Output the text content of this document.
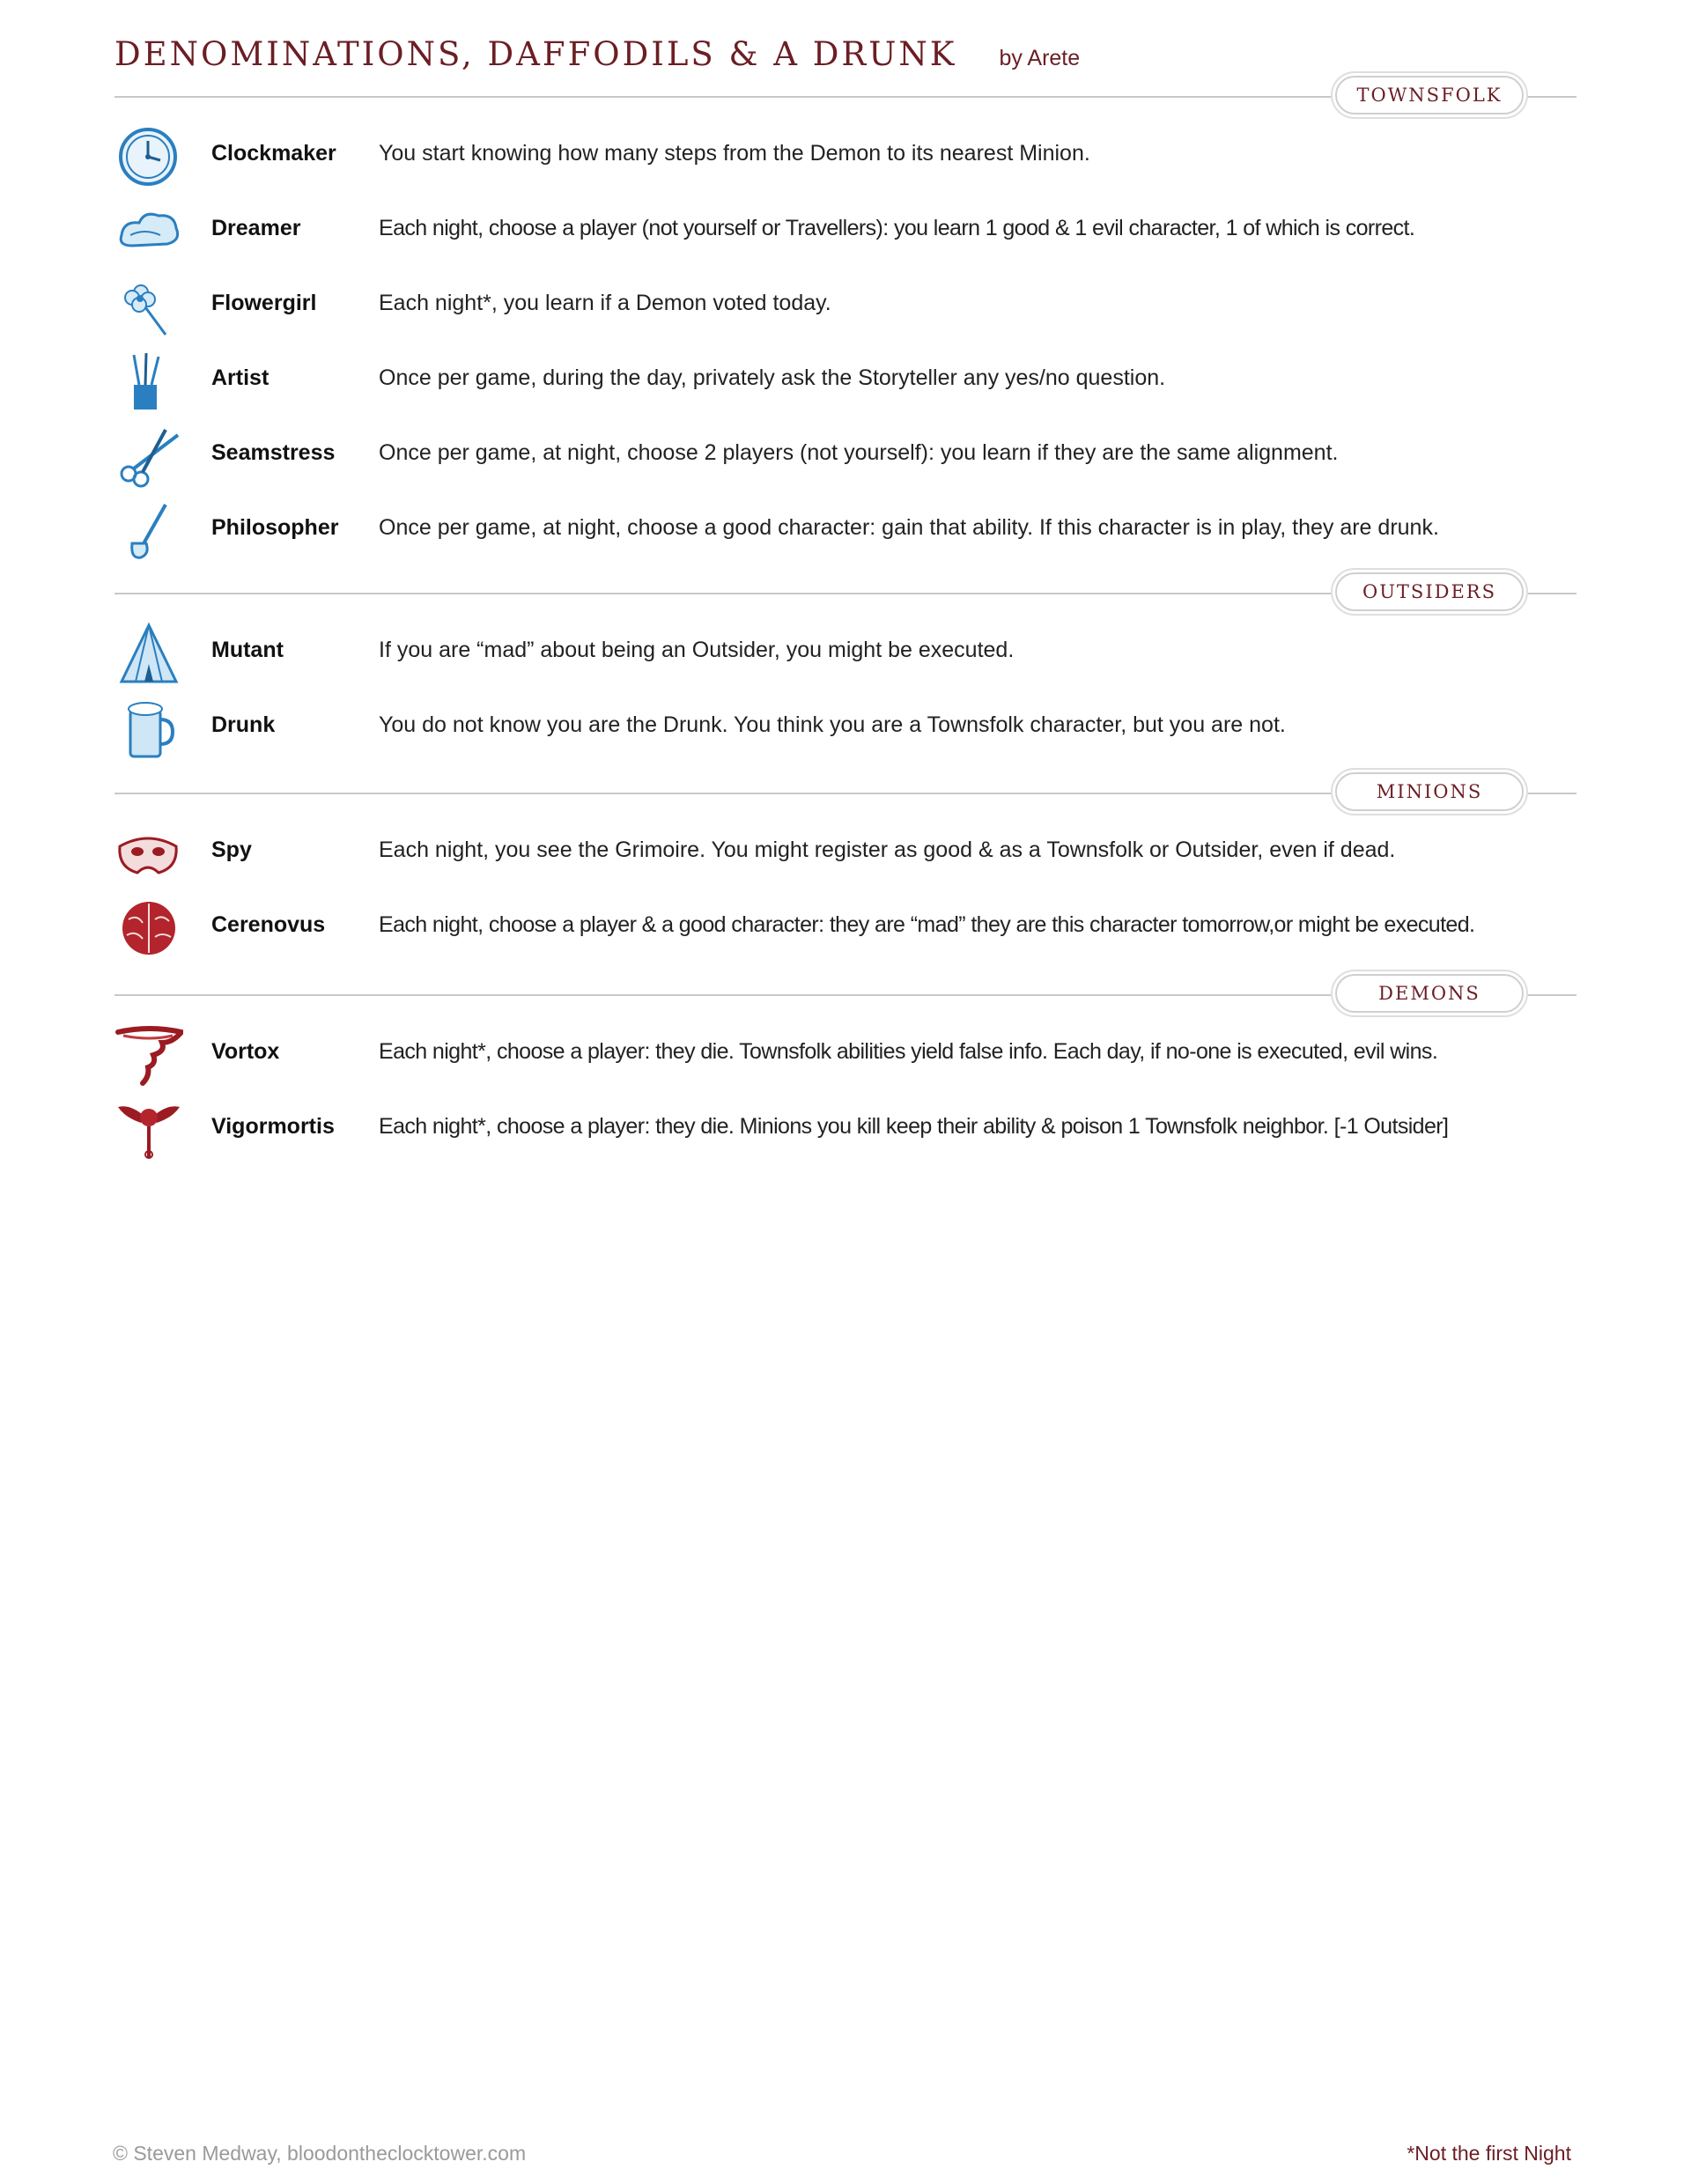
DENOMINATIONS, DAFFODILS & A DRUNK by Arete
TOWNSFOLK
Clockmaker You start knowing how many steps from the Demon to its nearest Minion.
Dreamer	Each night, choose a player (not yourself or Travellers): you learn 1 good & 1 evil character, 1 of which is correct.
Flowergirl	Each night*, you learn if a Demon voted today.
Artist	Once per game, during the day, privately ask the Storyteller any yes/no question.
Seamstress Once per game, at night, choose 2 players (not yourself): you learn if they are the same alignment.
Philosopher Once per game, at night, choose a good character: gain that ability. If this character is in play, they are drunk.
OUTSIDERS
Mutant	If you are “mad” about being an Outsider, you might be executed.
Drunk	You do not know you are the Drunk. You think you are a Townsfolk character, but you are not.
MINIONS
Spy	Each night, you see the Grimoire. You might register as good & as a Townsfolk or Outsider, even if dead.
Cerenovus Each night, choose a player & a good character: they are “mad” they are this character tomorrow,or might be executed.
DEMONS
Vortox	Each night*, choose a player: they die. Townsfolk abilities yield false info. Each day, if no-one is executed, evil wins.
Vigormortis Each night*, choose a player: they die. Minions you kill keep their ability & poison 1 Townsfolk neighbor. [-1 Outsider]
© Steven Medway, bloodontheclocktower.com	*Not the first Night
